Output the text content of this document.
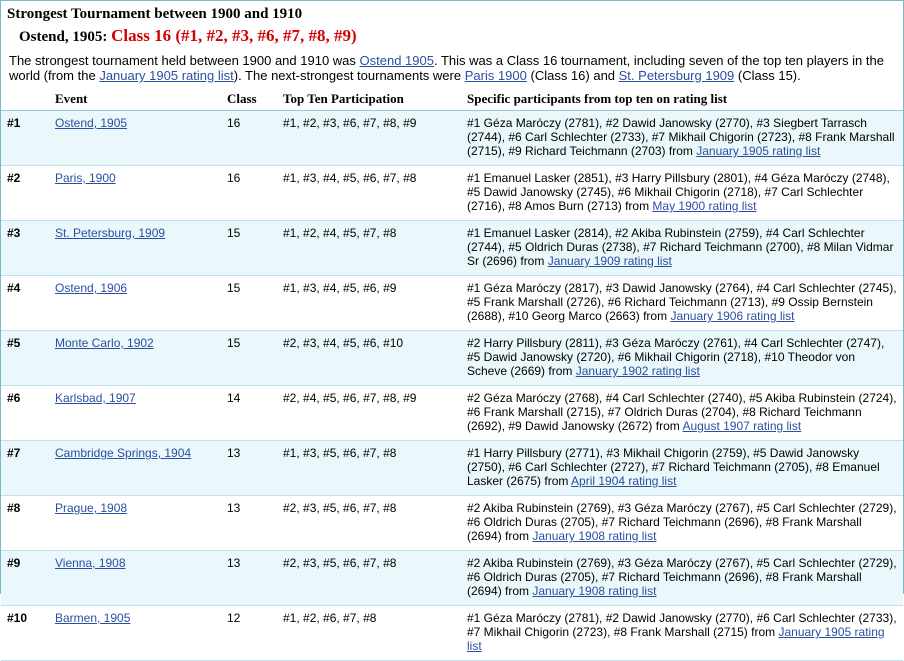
Strongest Tournament between 1900 and 1910
Ostend, 1905: Class 16 (#1, #2, #3, #6, #7, #8, #9)
The strongest tournament held between 1900 and 1910 was Ostend 1905. This was a Class 16 tournament, including seven of the top ten players in the world (from the January 1905 rating list). The next-strongest tournaments were Paris 1900 (Class 16) and St. Petersburg 1909 (Class 15).
	Event	Class	Top Ten Participation	Specific participants from top ten on rating list
#1	Ostend, 1905	16	#1, #2, #3, #6, #7, #8, #9	#1 Géza Maróczy (2781), #2 Dawid Janowsky (2770), #3 Siegbert Tarrasch (2744), #6 Carl Schlechter (2733), #7 Mikhail Chigorin (2723), #8 Frank Marshall (2715), #9 Richard Teichmann (2703) from January 1905 rating list
#2	Paris, 1900	16	#1, #3, #4, #5, #6, #7, #8	#1 Emanuel Lasker (2851), #3 Harry Pillsbury (2801), #4 Géza Maróczy (2748), #5 Dawid Janowsky (2745), #6 Mikhail Chigorin (2718), #7 Carl Schlechter (2716), #8 Amos Burn (2713) from May 1900 rating list
#3	St. Petersburg, 1909	15	#1, #2, #4, #5, #7, #8	#1 Emanuel Lasker (2814), #2 Akiba Rubinstein (2759), #4 Carl Schlechter (2744), #5 Oldrich Duras (2738), #7 Richard Teichmann (2700), #8 Milan Vidmar Sr (2696) from January 1909 rating list
#4	Ostend, 1906	15	#1, #3, #4, #5, #6, #9	#1 Géza Maróczy (2817), #3 Dawid Janowsky (2764), #4 Carl Schlechter (2745), #5 Frank Marshall (2726), #6 Richard Teichmann (2713), #9 Ossip Bernstein (2688), #10 Georg Marco (2663) from January 1906 rating list
#5	Monte Carlo, 1902	15	#2, #3, #4, #5, #6, #10	#2 Harry Pillsbury (2811), #3 Géza Maróczy (2761), #4 Carl Schlechter (2747), #5 Dawid Janowsky (2720), #6 Mikhail Chigorin (2718), #10 Theodor von Scheve (2669) from January 1902 rating list
#6	Karlsbad, 1907	14	#2, #4, #5, #6, #7, #8, #9	#2 Géza Maróczy (2768), #4 Carl Schlechter (2740), #5 Akiba Rubinstein (2724), #6 Frank Marshall (2715), #7 Oldrich Duras (2704), #8 Richard Teichmann (2692), #9 Dawid Janowsky (2672) from August 1907 rating list
#7	Cambridge Springs, 1904	13	#1, #3, #5, #6, #7, #8	#1 Harry Pillsbury (2771), #3 Mikhail Chigorin (2759), #5 Dawid Janowsky (2750), #6 Carl Schlechter (2727), #7 Richard Teichmann (2705), #8 Emanuel Lasker (2675) from April 1904 rating list
#8	Prague, 1908	13	#2, #3, #5, #6, #7, #8	#2 Akiba Rubinstein (2769), #3 Géza Maróczy (2767), #5 Carl Schlechter (2729), #6 Oldrich Duras (2705), #7 Richard Teichmann (2696), #8 Frank Marshall (2694) from January 1908 rating list
#9	Vienna, 1908	13	#2, #3, #5, #6, #7, #8	#2 Akiba Rubinstein (2769), #3 Géza Maróczy (2767), #5 Carl Schlechter (2729), #6 Oldrich Duras (2705), #7 Richard Teichmann (2696), #8 Frank Marshall (2694) from January 1908 rating list
#10	Barmen, 1905	12	#1, #2, #6, #7, #8	#1 Géza Maróczy (2781), #2 Dawid Janowsky (2770), #6 Carl Schlechter (2733), #7 Mikhail Chigorin (2723), #8 Frank Marshall (2715) from January 1905 rating list
